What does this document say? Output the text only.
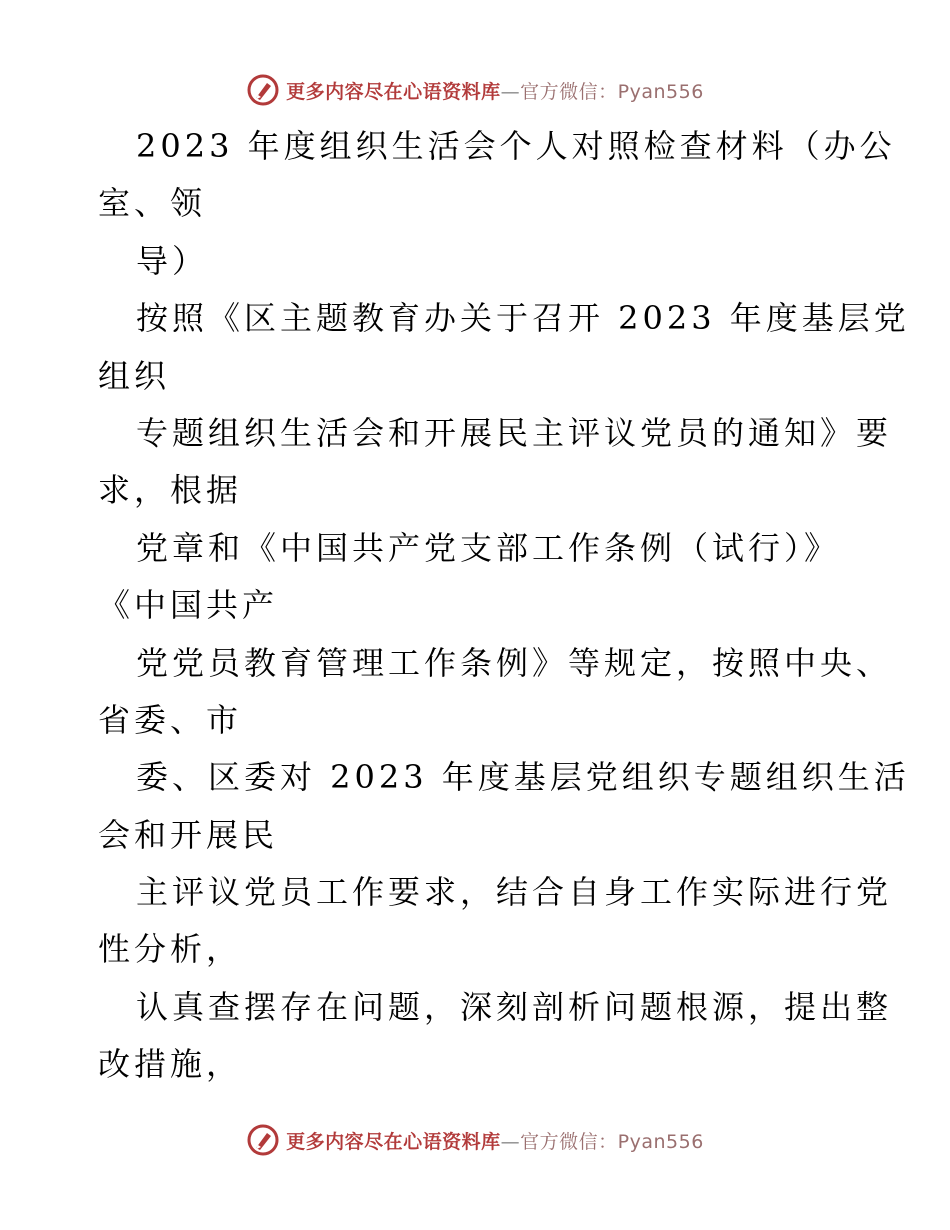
更多内容尽在心语资料库—官方微信：Pyan556
2023 年度组织生活会个人对照检查材料（办公
室、领
导）
按照《区主题教育办关于召开 2023 年度基层党
组织
专题组织生活会和开展民主评议党员的通知》要
求，根据
党章和《中国共产党支部工作条例（试行）》
《中国共产
党党员教育管理工作条例》等规定，按照中央、
省委、市
委、区委对 2023 年度基层党组织专题组织生活
会和开展民
主评议党员工作要求，结合自身工作实际进行党
性分析，
认真查摆存在问题，深刻剖析问题根源，提出整
改措施，
更多内容尽在心语资料库—官方微信：Pyan556
